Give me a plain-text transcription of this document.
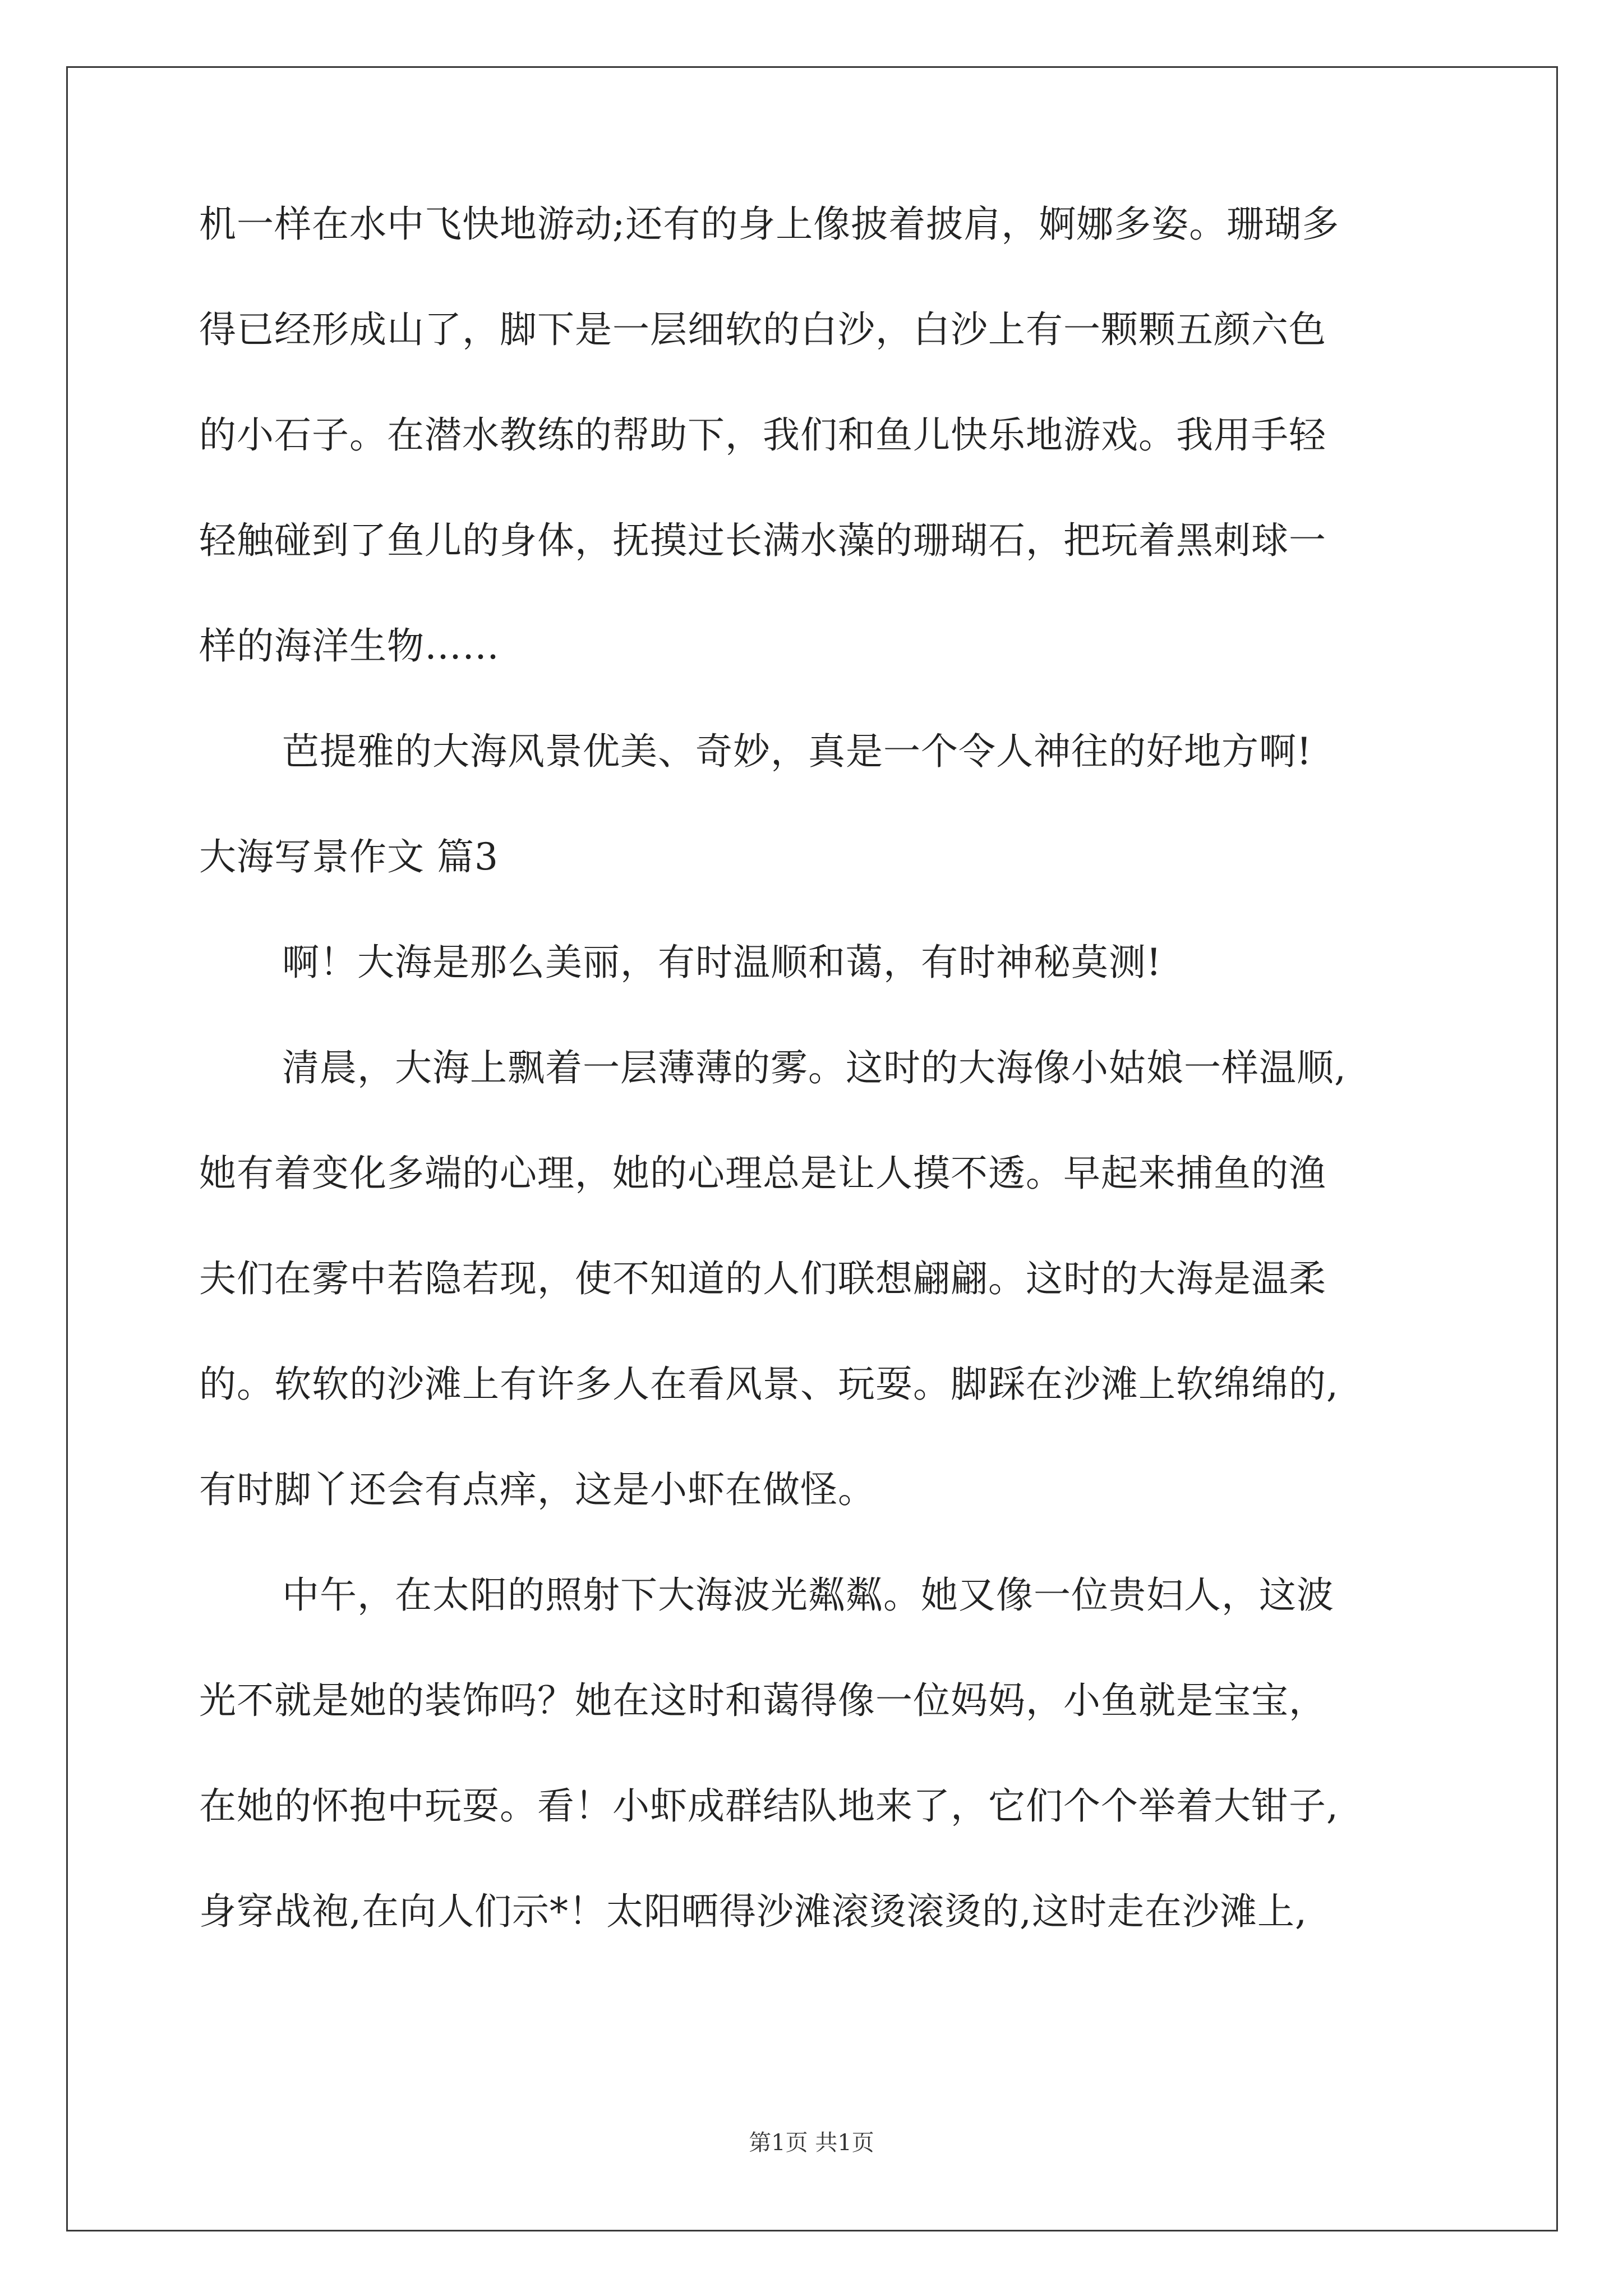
机一样在水中飞快地游动;还有的身上像披着披肩，婀娜多姿。珊瑚多
得已经形成山了，脚下是一层细软的白沙，白沙上有一颗颗五颜六色
的小石子。在潜水教练的帮助下，我们和鱼儿快乐地游戏。我用手轻
轻触碰到了鱼儿的身体，抚摸过长满水藻的珊瑚石，把玩着黑刺球一
样的海洋生物……
芭提雅的大海风景优美、奇妙，真是一个令人神往的好地方啊!
大海写景作文 篇3
啊！大海是那么美丽，有时温顺和蔼，有时神秘莫测!
清晨，大海上飘着一层薄薄的雾。这时的大海像小姑娘一样温顺,
她有着变化多端的心理，她的心理总是让人摸不透。早起来捕鱼的渔
夫们在雾中若隐若现，使不知道的人们联想翩翩。这时的大海是温柔
的。软软的沙滩上有许多人在看风景、玩耍。脚踩在沙滩上软绵绵的,
有时脚丫还会有点痒，这是小虾在做怪。
中午，在太阳的照射下大海波光粼粼。她又像一位贵妇人，这波
光不就是她的装饰吗？她在这时和蔼得像一位妈妈，小鱼就是宝宝，
在她的怀抱中玩耍。看！小虾成群结队地来了，它们个个举着大钳子,
身穿战袍,在向人们示*！太阳晒得沙滩滚烫滚烫的,这时走在沙滩上,
第1页 共1页
